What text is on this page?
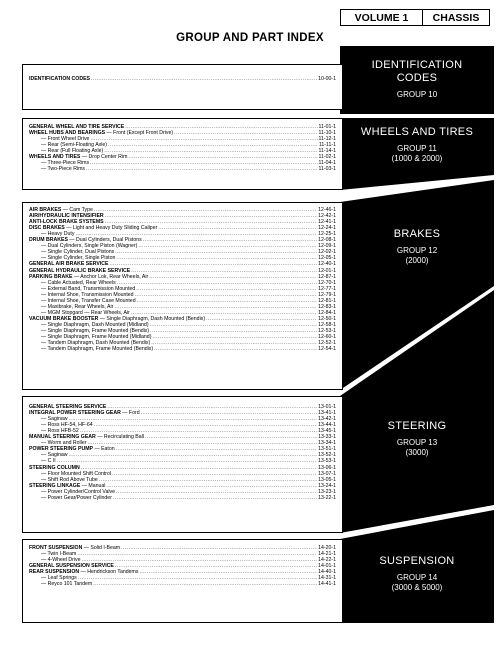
VOLUME 1	CHASSIS
GROUP AND PART INDEX
IDENTIFICATION CODES .....	10-00-1
IDENTIFICATION
CODES
GROUP 10
GENERAL WHEEL AND TIRE SERVICE .....	11-01-1
WHEEL HUBS AND BEARINGS — Front (Except Front Drive) .....	11-10-1
— Front Wheel Drive .....	11-12-1
— Rear (Semi-Floating Axle) .....	11-11-1
— Rear (Full Floating Axle) .....	11-14-1
WHEELS AND TIRES — Drop Center Rim .....	11-02-1
— Three-Piece Rims .....	11-04-1
— Two-Piece Rims .....	11-03-1
WHEELS AND TIRES
GROUP 11
(1000 & 2000)
AIR BRAKES — Cam Type .....	12-46-1
AIR/HYDRAULIC INTENSIFIER .....	12-42-1
ANTI-LOCK BRAKE SYSTEMS .....	12-41-1
DISC BRAKES — Light and Heavy Duty Sliding Caliper .....	12-24-1
— Heavy Duty .....	12-25-1
DRUM BRAKES — Dual Cylinders, Dual Pistons .....	12-08-1
— Dual Cylinders, Single Piston (Wagner) .....	12-09-1
— Single Cylinder, Dual Pistons .....	12-02-1
— Single Cylinder, Single Piston .....	12-05-1
GENERAL AIR BRAKE SERVICE .....	12-40-1
GENERAL HYDRAULIC BRAKE SERVICE .....	12-01-1
PARKING BRAKE — Anchor Lok, Rear Wheels, Air .....	12-87-1
— Cable Actuated, Rear Wheels .....	12-70-1
— External Band, Transmission Mounted .....	12-77-1
— Internal Shoe, Transmission Mounted .....	12-79-1
— Internal Shoe, Transfer Case Mounted .....	12-81-1
— Maxibrake, Rear Wheels, Air .....	12-83-1
— MGM Stopgard — Rear Wheels, Air .....	12-84-1
VACUUM BRAKE BOOSTER — Single Diaphragm, Dash Mounted (Bendix) .....	12-50-1
— Single Diaphragm, Dash Mounted (Midland) .....	12-58-1
— Single Diaphragm, Frame Mounted (Bendix) .....	12-53-1
— Single Diaphragm, Frame Mounted (Midland) .....	12-60-1
— Tandem Diaphragm, Dash Mounted (Bendix) .....	12-52-1
— Tandem Diaphragm, Frame Mounted (Bendix) .....	12-54-1
BRAKES
GROUP 12
(2000)
GENERAL STEERING SERVICE .....	13-01-1
INTEGRAL POWER STEERING GEAR — Ford .....	13-41-1
— Saginaw .....	13-42-1
— Ross HF-54, HF-64 .....	13-44-1
— Ross HFB-52 .....	13-45-1
MANUAL STEERING GEAR — Recirculating Ball .....	13-33-1
— Worm and Roller .....	13-34-1
POWER STEERING PUMP — Eaton .....	13-51-1
— Saginaw .....	13-52-1
— C II .....	13-53-1
STEERING COLUMN .....	13-06-1
— Floor Mounted Shift Control .....	13-07-1
— Shift Rod Above Tube .....	13-05-1
STEERING LINKAGE — Manual .....	13-24-1
— Power Cylinder/Control Valve .....	13-23-1
— Power Gear/Power Cylinder .....	13-22-1
STEERING
GROUP 13
(3000)
FRONT SUSPENSION — Solid I-Beam .....	14-20-1
— Twin I-Beam .....	14-21-1
— 4-Wheel Drive .....	14-22-1
GENERAL SUSPENSION SERVICE .....	14-01-1
REAR SUSPENSION — Hendrickson Tandems .....	14-40-1
— Leaf Springs .....	14-31-1
— Reyco 101 Tandem .....	14-41-1
SUSPENSION
GROUP 14
(3000 & 5000)
